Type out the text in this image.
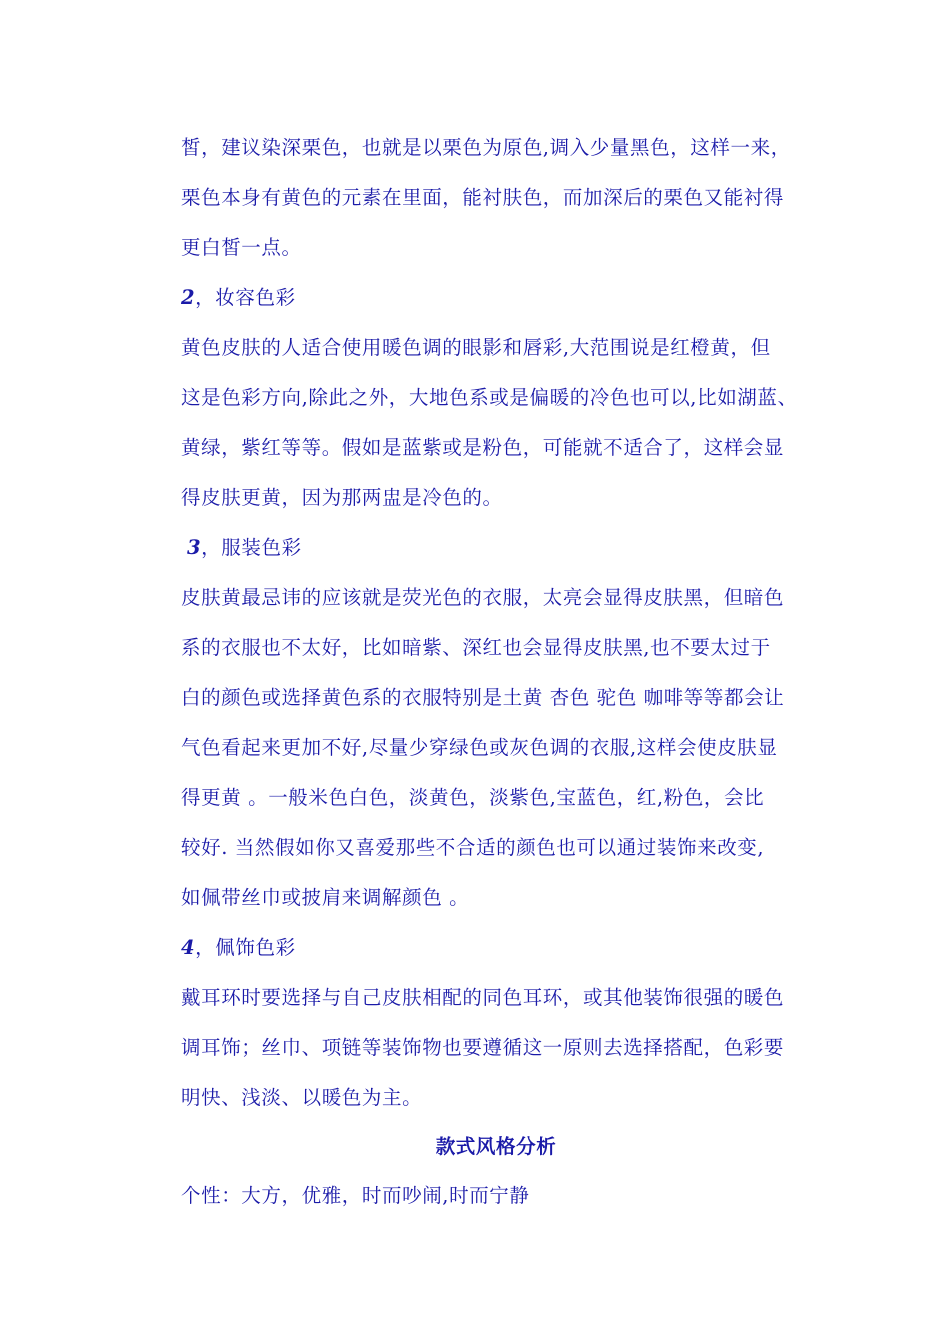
皙，建议染深栗色，也就是以栗色为原色,调入少量黑色，这样一来，
栗色本身有黄色的元素在里面，能衬肤色，而加深后的栗色又能衬得
更白皙一点。
2，妆容色彩
黄色皮肤的人适合使用暖色调的眼影和唇彩,大范围说是红橙黄，但
这是色彩方向,除此之外，大地色系或是偏暖的冷色也可以,比如湖蓝、
黄绿，紫红等等。假如是蓝紫或是粉色，可能就不适合了，这样会显
得皮肤更黄，因为那两盅是冷色的。
3，服装色彩
皮肤黄最忌讳的应该就是荧光色的衣服，太亮会显得皮肤黑，但暗色
系的衣服也不太好，比如暗紫、深红也会显得皮肤黑,也不要太过于
白的颜色或选择黄色系的衣服特别是土黄 杏色 驼色 咖啡等等都会让
气色看起来更加不好,尽量少穿绿色或灰色调的衣服,这样会使皮肤显
得更黄 。一般米色白色，淡黄色，淡紫色,宝蓝色，红,粉色，会比
较好. 当然假如你又喜爱那些不合适的颜色也可以通过装饰来改变,
如佩带丝巾或披肩来调解颜色 。
4，佩饰色彩
戴耳环时要选择与自己皮肤相配的同色耳环，或其他装饰很强的暖色
调耳饰；丝巾、项链等装饰物也要遵循这一原则去选择搭配，色彩要
明快、浅淡、以暖色为主。
款式风格分析
个性：大方，优雅，时而吵闹,时而宁静
